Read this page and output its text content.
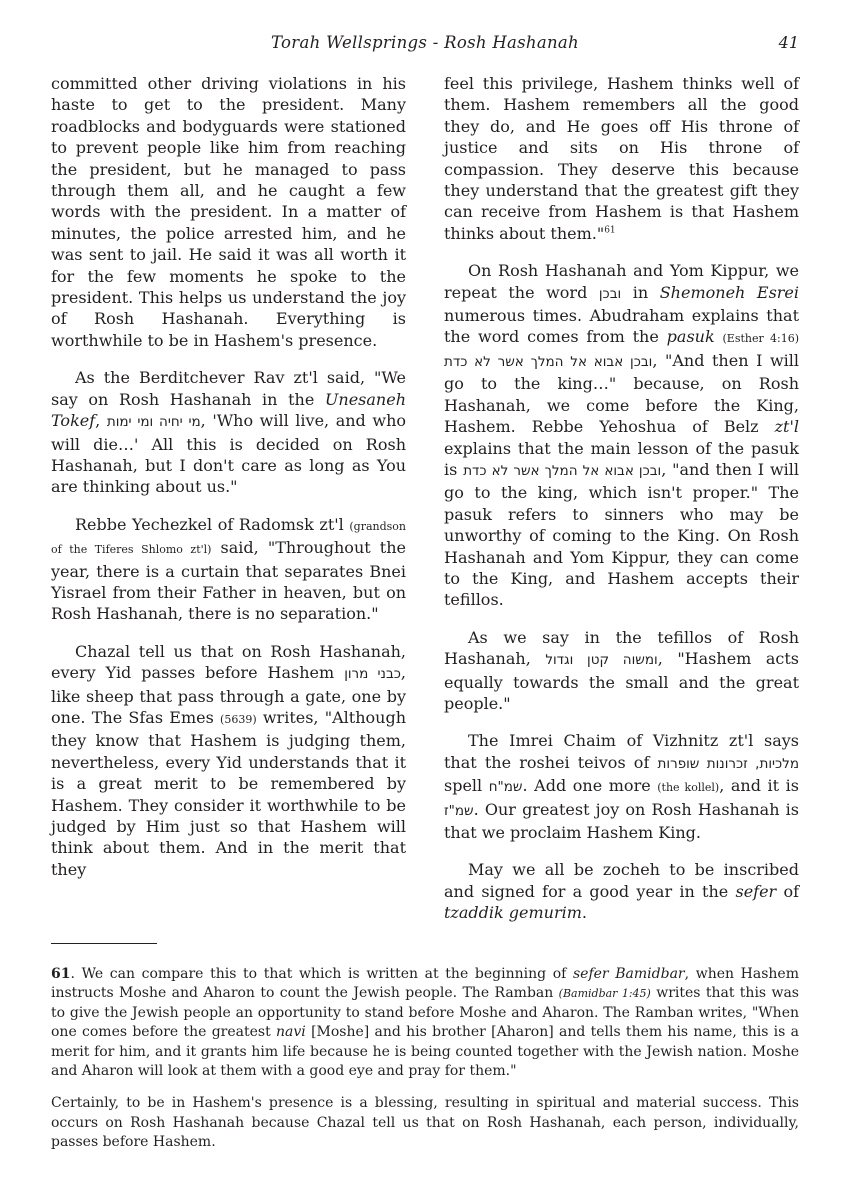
Torah Wellsprings - Rosh Hashanah	41

committed other driving violations in his haste to get to the president. Many roadblocks and bodyguards were stationed to prevent people like him from reaching the president, but he managed to pass through them all, and he caught a few words with the president. In a matter of minutes, the police arrested him, and he was sent to jail. He said it was all worth it for the few moments he spoke to the president. This helps us understand the joy of Rosh Hashanah. Everything is worthwhile to be in Hashem's presence.

As the Berditchever Rav zt'l said, "We say on Rosh Hashanah in the Unesaneh Tokef, מי יחיה ומי ימות, 'Who will live, and who will die…' All this is decided on Rosh Hashanah, but I don't care as long as You are thinking about us."

Rebbe Yechezkel of Radomsk zt'l (grandson of the Tiferes Shlomo zt'l) said, "Throughout the year, there is a curtain that separates Bnei Yisrael from their Father in heaven, but on Rosh Hashanah, there is no separation."

Chazal tell us that on Rosh Hashanah, every Yid passes before Hashem כבני מרון, like sheep that pass through a gate, one by one. The Sfas Emes (5639) writes, "Although they know that Hashem is judging them, nevertheless, every Yid understands that it is a great merit to be remembered by Hashem. They consider it worthwhile to be judged by Him just so that Hashem will think about them. And in the merit that they

feel this privilege, Hashem thinks well of them. Hashem remembers all the good they do, and He goes off His throne of justice and sits on His throne of compassion. They deserve this because they understand that the greatest gift they can receive from Hashem is that Hashem thinks about them."$^{61}$

On Rosh Hashanah and Yom Kippur, we repeat the word ובכן in Shemoneh Esrei numerous times. Abudraham explains that the word comes from the pasuk (Esther 4:16) ובכן אבוא אל המלך אשר לא כדת, "And then I will go to the king…" because, on Rosh Hashanah, we come before the King, Hashem. Rebbe Yehoshua of Belz zt'l explains that the main lesson of the pasuk is ובכן אבוא אל המלך אשר לא כדת, "and then I will go to the king, which isn't proper." The pasuk refers to sinners who may be unworthy of coming to the King. On Rosh Hashanah and Yom Kippur, they can come to the King, and Hashem accepts their tefillos.

As we say in the tefillos of Rosh Hashanah, ומשוה קטן וגדול, "Hashem acts equally towards the small and the great people."

The Imrei Chaim of Vizhnitz zt'l says that the roshei teivos of מלכיות, זכרונות שופרות spell שמ"ח. Add one more (the kollel), and it is שמ"ז. Our greatest joy on Rosh Hashanah is that we proclaim Hashem King.

May we all be zocheh to be inscribed and signed for a good year in the sefer of tzaddik gemurim.

61. We can compare this to that which is written at the beginning of sefer Bamidbar, when Hashem instructs Moshe and Aharon to count the Jewish people. The Ramban (Bamidbar 1:45) writes that this was to give the Jewish people an opportunity to stand before Moshe and Aharon. The Ramban writes, "When one comes before the greatest navi [Moshe] and his brother [Aharon] and tells them his name, this is a merit for him, and it grants him life because he is being counted together with the Jewish nation. Moshe and Aharon will look at them with a good eye and pray for them."

Certainly, to be in Hashem's presence is a blessing, resulting in spiritual and material success. This occurs on Rosh Hashanah because Chazal tell us that on Rosh Hashanah, each person, individually, passes before Hashem.
